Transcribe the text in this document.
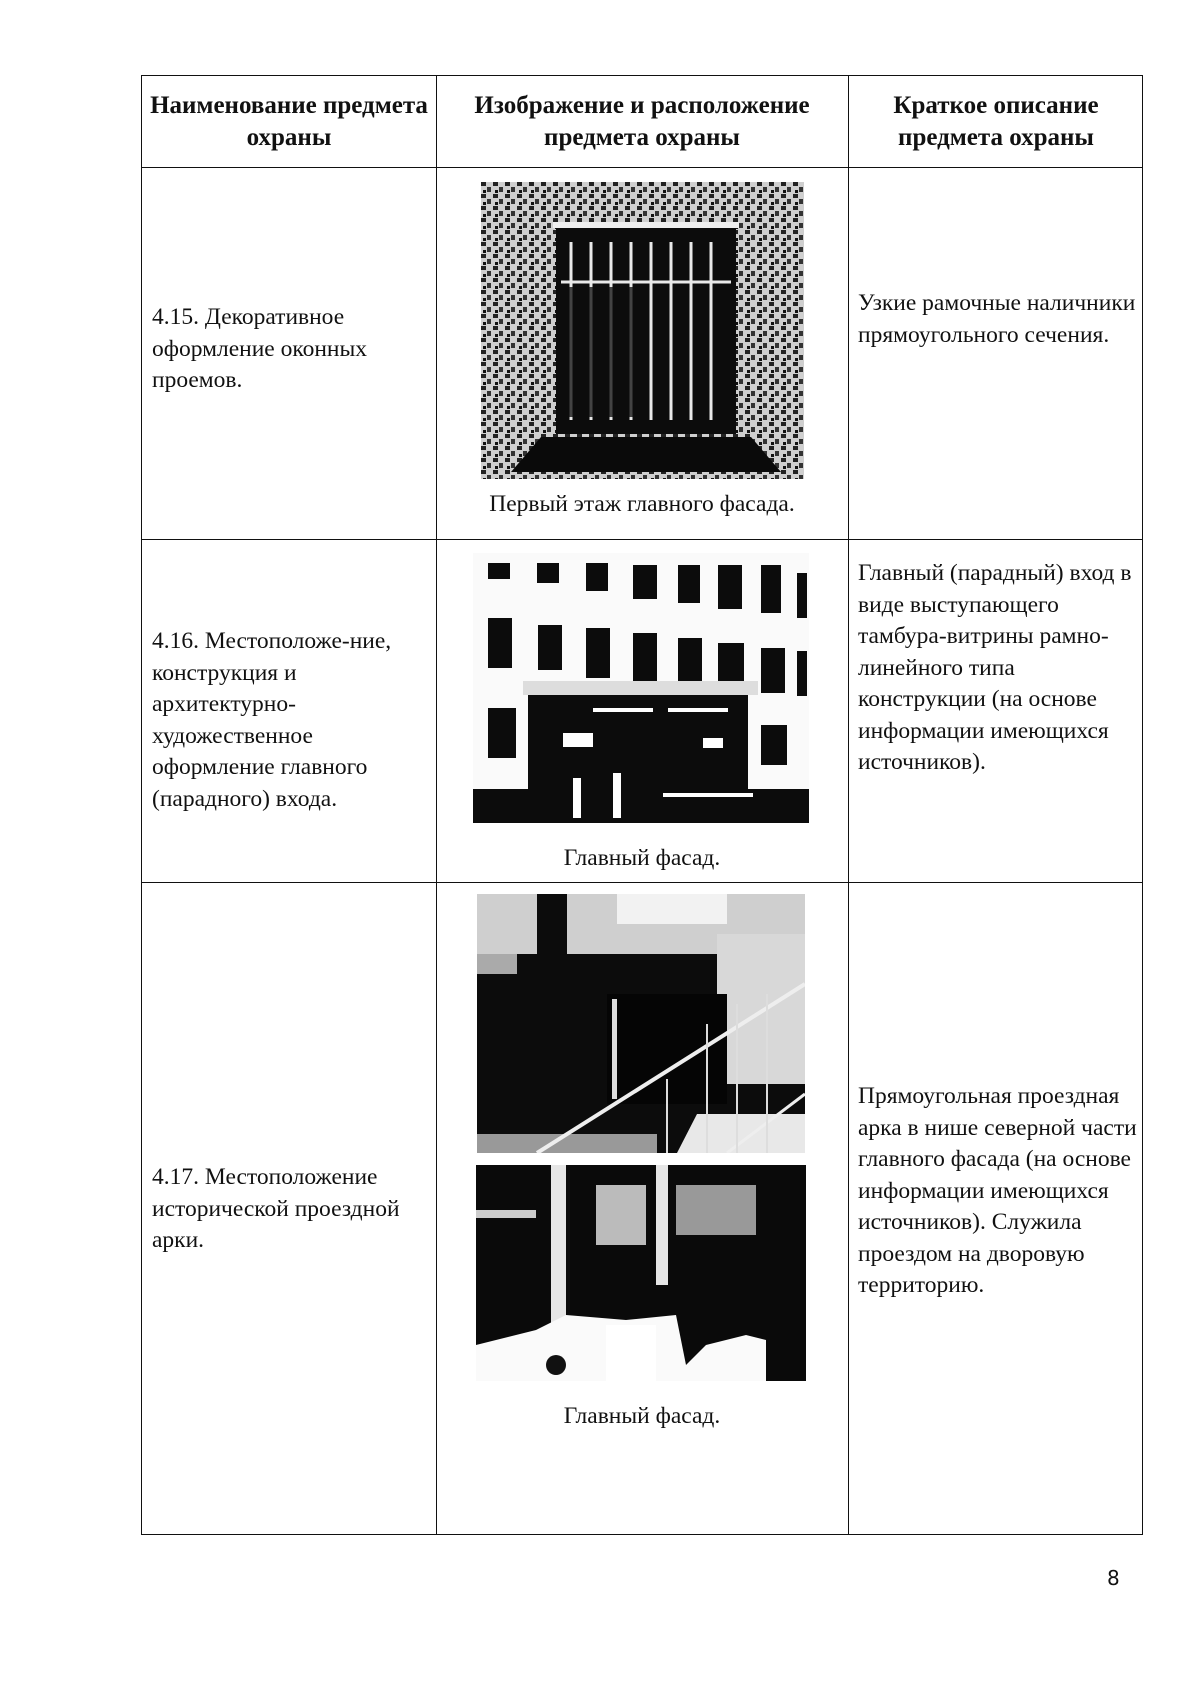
Наименование предмета охраны
Изображение и расположение предмета охраны
Краткое описание предмета охраны
4.15. Декоративное оформление оконных проемов.
Первый этаж главного фасада.
Узкие рамочные наличники прямоугольного сечения.
4.16. Местоположе-ние, конструкция и архитектурно-художественное оформление главного (парадного) входа.
Главный фасад.
Главный (парадный) вход в виде выступающего тамбура-витрины рамно-линейного типа конструкции (на основе информации имеющихся источников).
4.17. Местоположение исторической проездной арки.
Главный фасад.
Прямоугольная проездная арка в нише северной части главного фасада (на основе информации имеющихся источников). Служила проездом на дворовую территорию.
8
